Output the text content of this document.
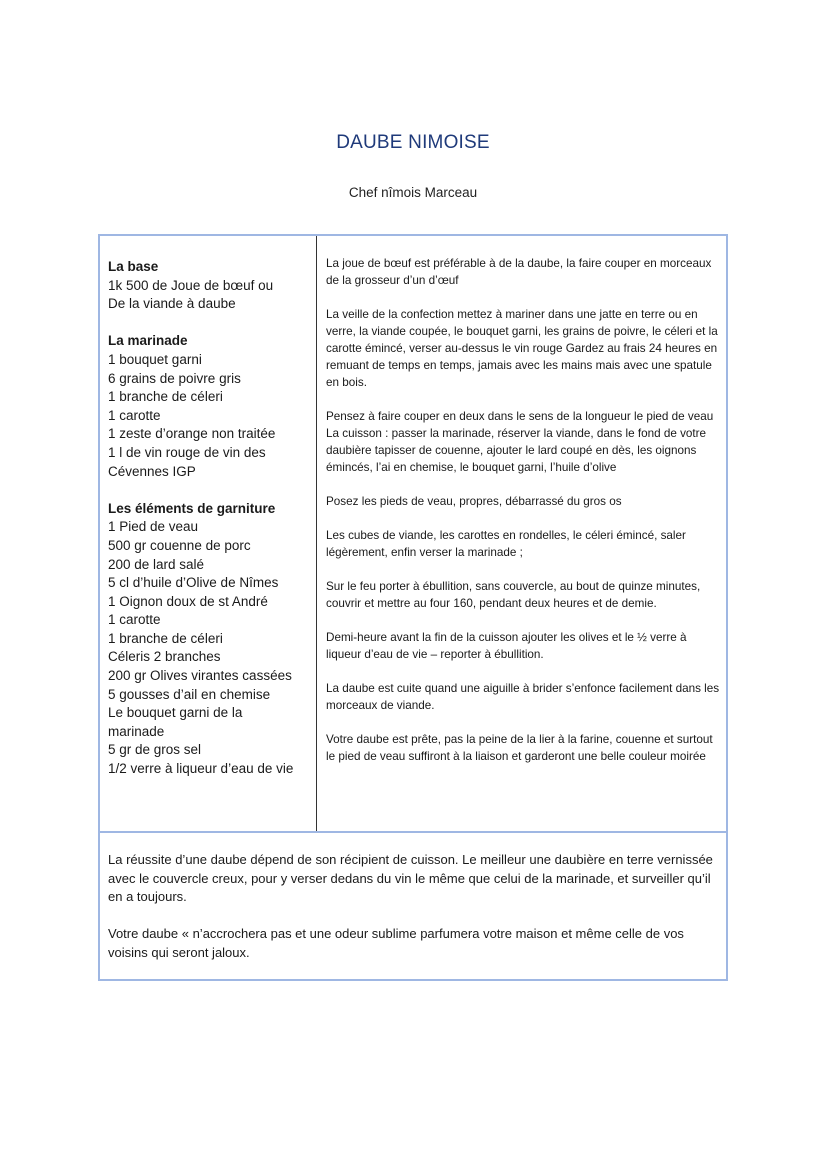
DAUBE NIMOISE
Chef nîmois Marceau
La base
1k 500 de Joue de bœuf ou
De la viande à daube
La marinade
1 bouquet garni
6 grains de poivre gris
1 branche de céleri
1 carotte
1 zeste d’orange non traitée
1 l de vin rouge de vin des
Cévennes IGP
Les éléments de garniture
1 Pied de veau
500 gr couenne de porc
200 de lard salé
5 cl d’huile d’Olive de Nîmes
1 Oignon doux de st André
1 carotte
1 branche de céleri
Céleris 2 branches
200 gr Olives virantes cassées
5 gousses d’ail en chemise
Le bouquet garni de la
marinade
5 gr de gros sel
1/2 verre à liqueur d’eau de vie

La joue de bœuf est préférable à de la daube, la faire couper en morceaux de la grosseur d’un d’œuf

La veille de la confection mettez à mariner dans une jatte en terre ou en verre, la viande coupée, le bouquet garni, les grains de poivre, le céleri et la carotte émincé, verser au-dessus le vin rouge Gardez au frais 24 heures en remuant de temps en temps, jamais avec les mains mais avec une spatule en bois.

Pensez à faire couper en deux dans le sens de la longueur le pied de veau

La cuisson : passer la marinade, réserver la viande, dans le fond de votre daubière tapisser de couenne, ajouter le lard coupé en dès, les oignons émincés, l’ai en chemise, le bouquet garni, l’huile d’olive

Posez les pieds de veau, propres, débarrassé du gros os

Les cubes de viande, les carottes en rondelles, le céleri émincé, saler légèrement, enfin verser la marinade ;

Sur le feu porter à ébullition, sans couvercle, au bout de quinze minutes, couvrir et mettre au four 160, pendant deux heures et de demie.

Demi-heure avant la fin de la cuisson ajouter les olives et le ½ verre à liqueur d’eau de vie – reporter à ébullition.

La daube est cuite quand une aiguille à brider s’enfonce facilement dans les morceaux de viande.

Votre daube est prête, pas la peine de la lier à la farine, couenne et surtout le pied de veau suffiront à la liaison et garderont une belle couleur moirée

La réussite d’une daube dépend de son récipient de cuisson. Le meilleur une daubière en terre vernissée avec le couvercle creux, pour y verser dedans du vin le même que celui de la marinade, et surveiller qu’il en a toujours.

Votre daube « n’accrochera pas et une odeur sublime parfumera votre maison et même celle de vos voisins qui seront jaloux.
